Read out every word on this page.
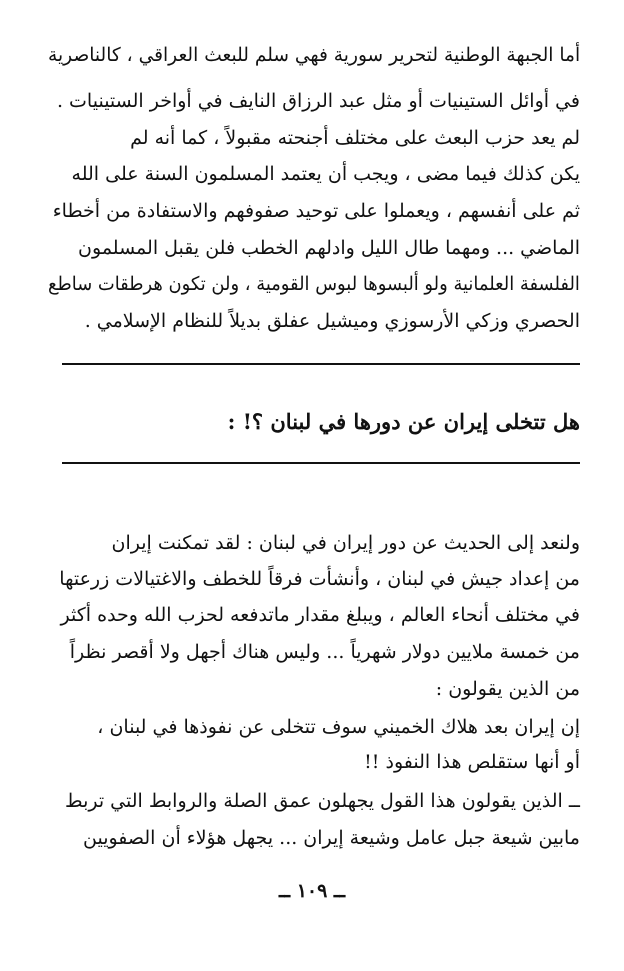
أما الجبهة الوطنية لتحرير سورية فهي سلم للبعث العراقي ، كالناصرية
في أوائل الستينيات أو مثل عبد الرزاق النايف في أواخر الستينيات .
لم يعد حزب البعث على مختلف أجنحته مقبولاً ، كما أنه لم
يكن كذلك فيما مضى ، ويجب أن يعتمد المسلمون السنة على الله
ثم على أنفسهم ، ويعملوا على توحيد صفوفهم والاستفادة من أخطاء
الماضي ... ومهما طال الليل وادلهم الخطب فلن يقبل المسلمون
الفلسفة العلمانية ولو ألبسوها لبوس القومية ، ولن تكون هرطقات ساطع
الحصري وزكي الأرسوزي وميشيل عفلق بديلاً للنظام الإسلامي .
هل تتخلى إيران عن دورها في لبنان ؟! :
ولنعد إلى الحديث عن دور إيران في لبنان : لقد تمكنت إيران
من إعداد جيش في لبنان ، وأنشأت فرقاً للخطف والاغتيالات زرعتها
في مختلف أنحاء العالم ، ويبلغ مقدار ماتدفعه لحزب الله وحده أكثر
من خمسة ملايين دولار شهرياً ... وليس هناك أجهل ولا أقصر نظراً
من الذين يقولون :
إن إيران بعد هلاك الخميني سوف تتخلى عن نفوذها في لبنان ،
أو أنها ستقلص هذا النفوذ !!
ــ الذين يقولون هذا القول يجهلون عمق الصلة والروابط التي تربط
مابين شيعة جبل عامل وشيعة إيران ... يجهل هؤلاء أن الصفويين
ــ ١٠٩ ــ
